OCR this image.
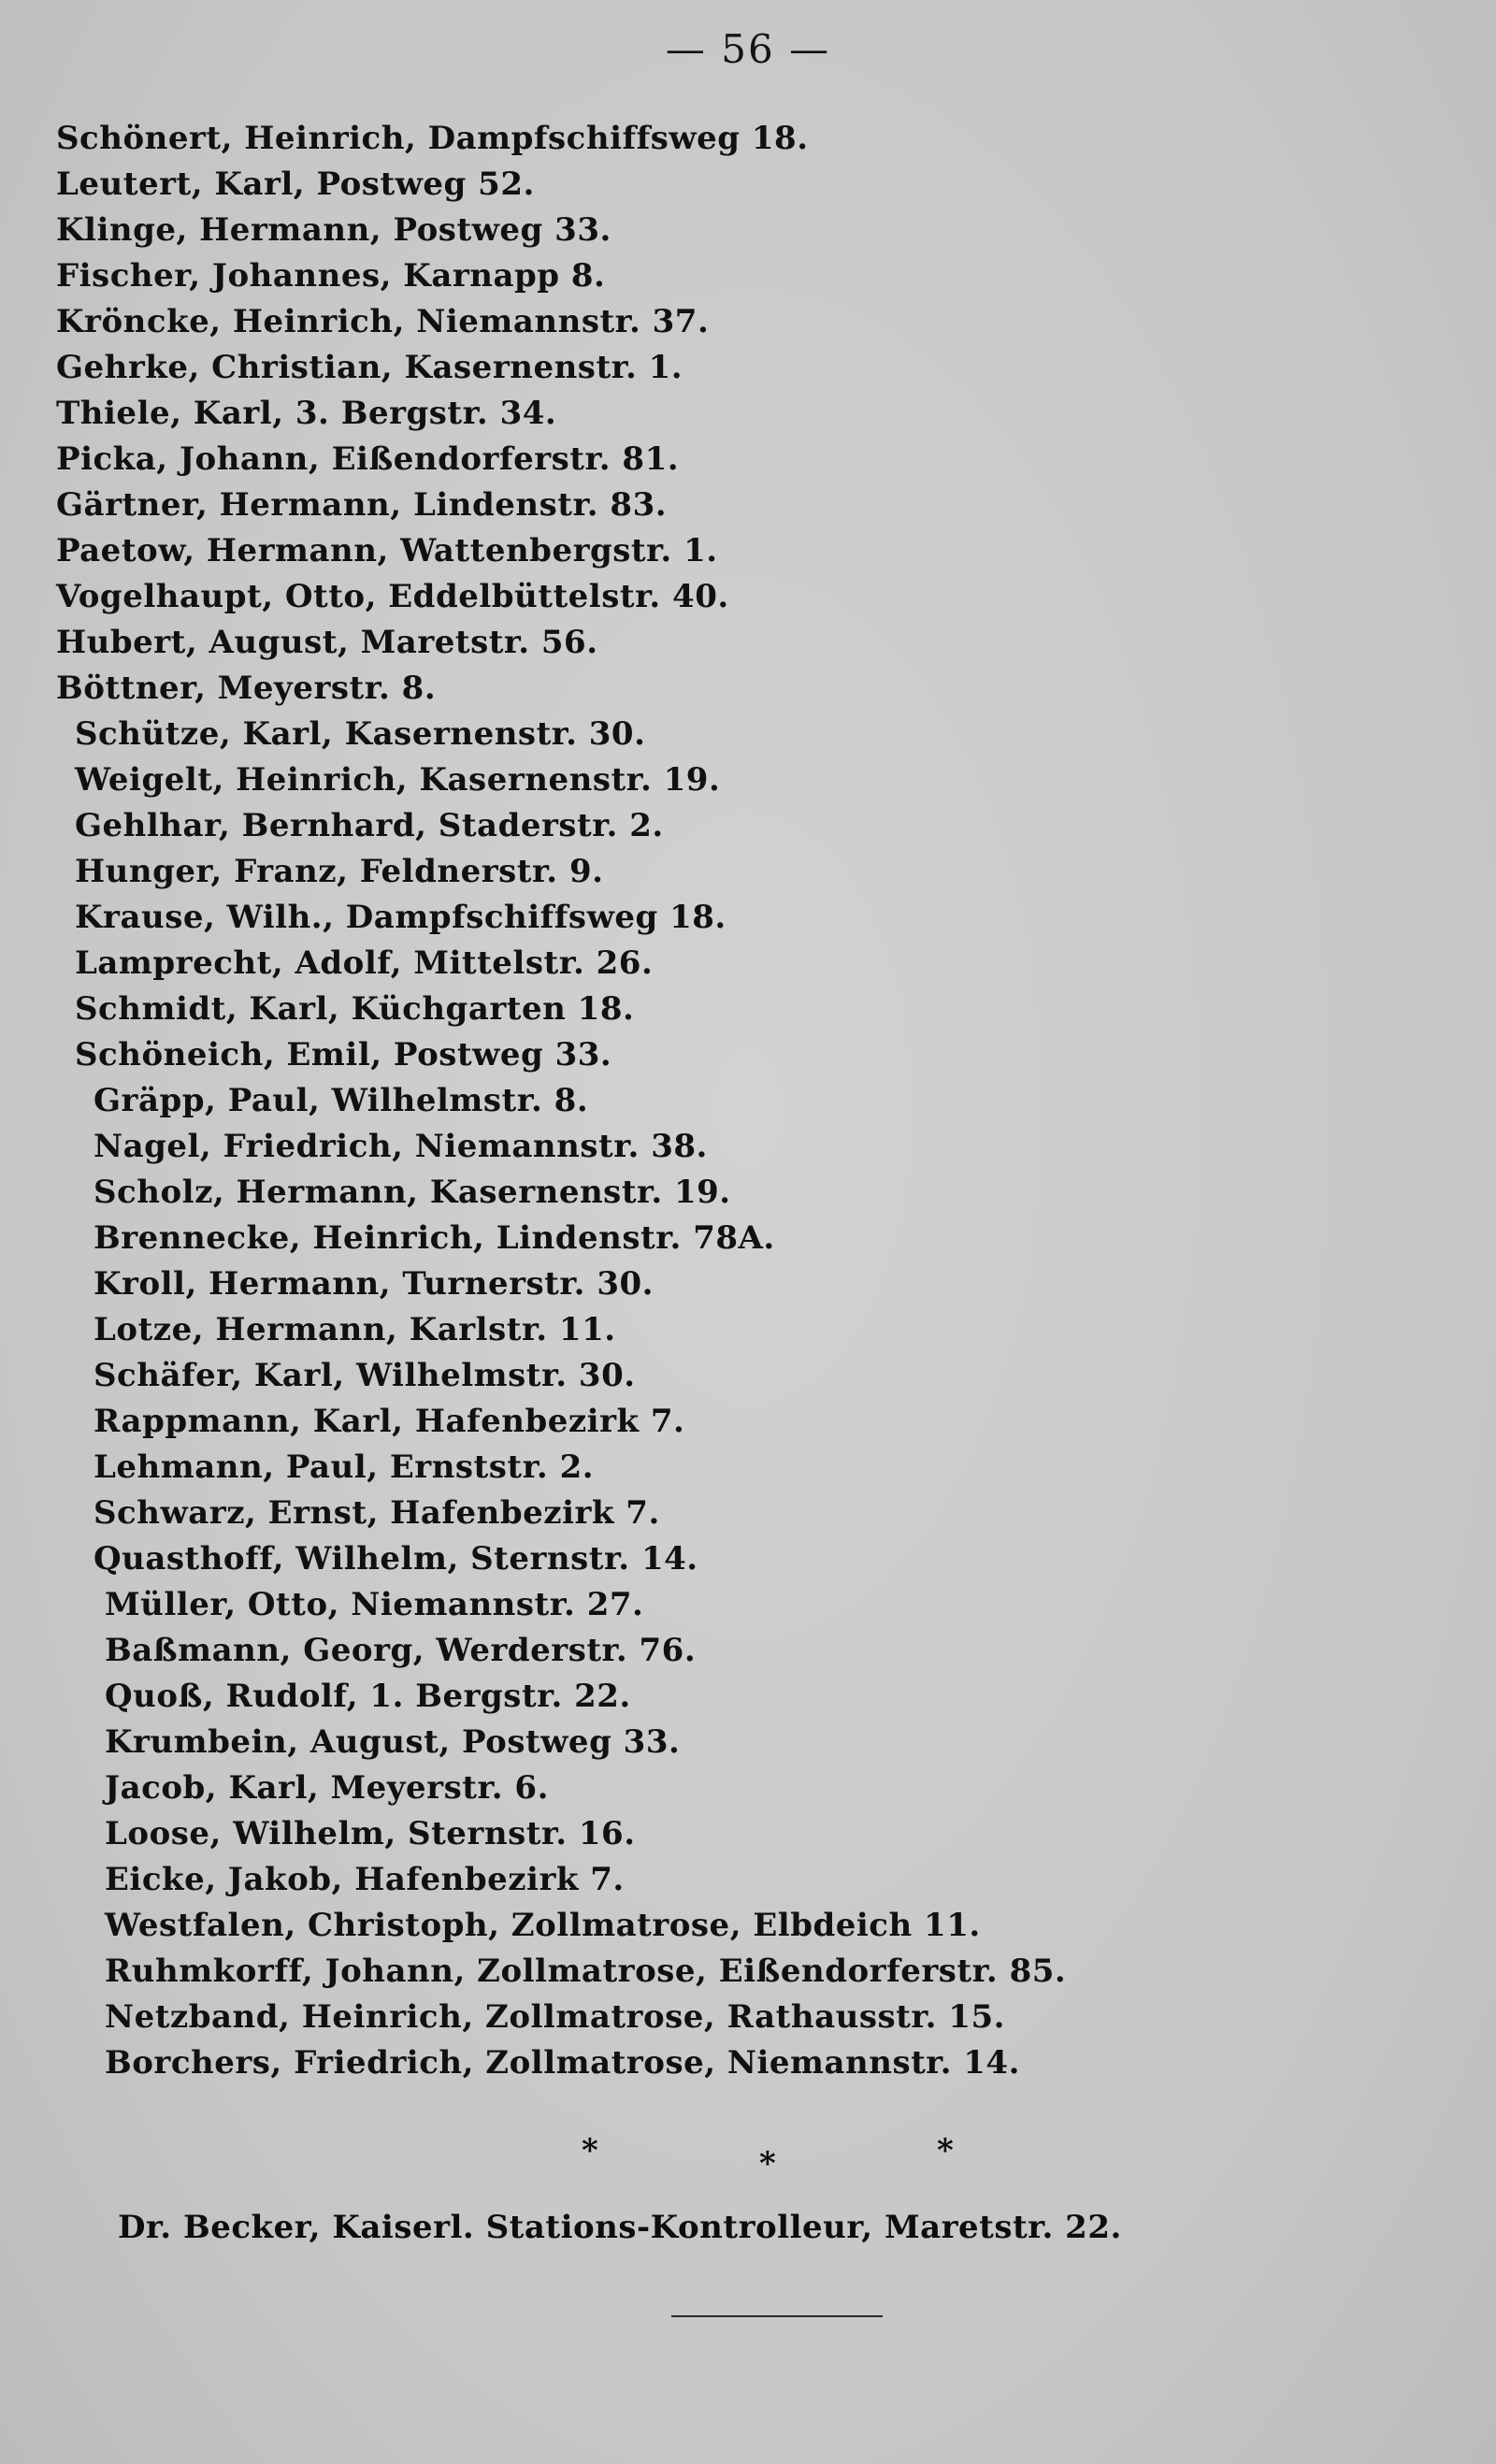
— 56 —
Schönert, Heinrich, Dampfschiffsweg 18.
Leutert, Karl, Postweg 52.
Klinge, Hermann, Postweg 33.
Fischer, Johannes, Karnapp 8.
Kröncke, Heinrich, Niemannstr. 37.
Gehrke, Christian, Kasernenstr. 1.
Thiele, Karl, 3. Bergstr. 34.
Picka, Johann, Eißendorferstr. 81.
Gärtner, Hermann, Lindenstr. 83.
Paetow, Hermann, Wattenbergstr. 1.
Vogelhaupt, Otto, Eddelbüttelstr. 40.
Hubert, August, Maretstr. 56.
Böttner, Meyerstr. 8.
Schütze, Karl, Kasernenstr. 30.
Weigelt, Heinrich, Kasernenstr. 19.
Gehlhar, Bernhard, Staderstr. 2.
Hunger, Franz, Feldnerstr. 9.
Krause, Wilh., Dampfschiffsweg 18.
Lamprecht, Adolf, Mittelstr. 26.
Schmidt, Karl, Küchgarten 18.
Schöneich, Emil, Postweg 33.
Gräpp, Paul, Wilhelmstr. 8.
Nagel, Friedrich, Niemannstr. 38.
Scholz, Hermann, Kasernenstr. 19.
Brennecke, Heinrich, Lindenstr. 78A.
Kroll, Hermann, Turnerstr. 30.
Lotze, Hermann, Karlstr. 11.
Schäfer, Karl, Wilhelmstr. 30.
Rappmann, Karl, Hafenbezirk 7.
Lehmann, Paul, Ernststr. 2.
Schwarz, Ernst, Hafenbezirk 7.
Quasthoff, Wilhelm, Sternstr. 14.
Müller, Otto, Niemannstr. 27.
Baßmann, Georg, Werderstr. 76.
Quoß, Rudolf, 1. Bergstr. 22.
Krumbein, August, Postweg 33.
Jacob, Karl, Meyerstr. 6.
Loose, Wilhelm, Sternstr. 16.
Eicke, Jakob, Hafenbezirk 7.
Westfalen, Christoph, Zollmatrose, Elbdeich 11.
Ruhmkorff, Johann, Zollmatrose, Eißendorferstr. 85.
Netzband, Heinrich, Zollmatrose, Rathausstr. 15.
Borchers, Friedrich, Zollmatrose, Niemannstr. 14.
*	*	*
Dr. Becker, Kaiserl. Stations-Kontrolleur, Maretstr. 22.
